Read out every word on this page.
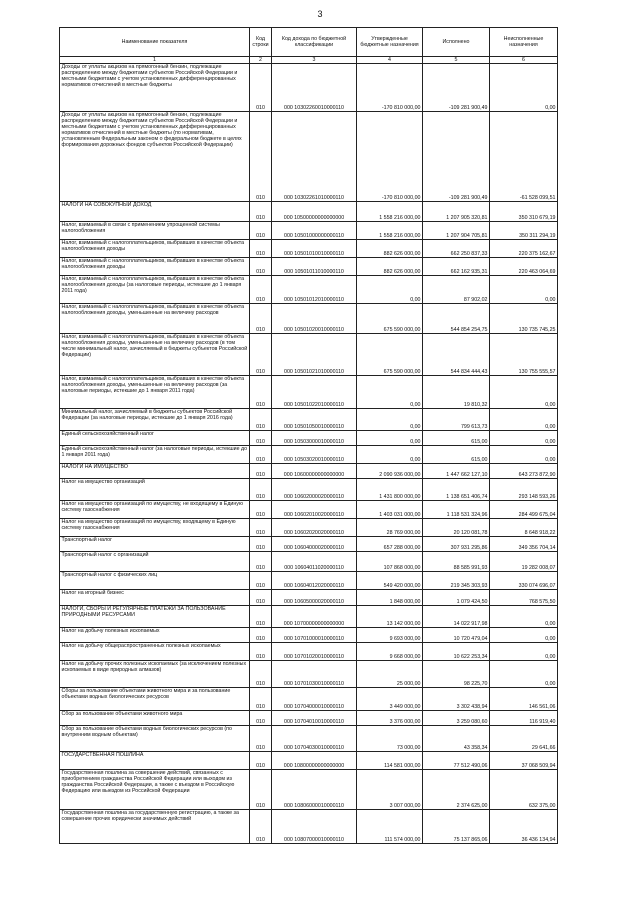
3
Наименование показателя	Код строки	Код дохода по бюджетной классификации	Утвержденные бюджетные назначения	Исполнено	Неисполненные назначения
1	2	3	4	5	6
Доходы от уплаты акцизов на прямогонный бензин, подлежащие распределению между бюджетами субъектов Российской Федерации и местными бюджетами с учетом установленных дифференцированных нормативов отчислений в местные бюджеты	010	000 10302260010000110	-170 810 000,00	-109 281 900,49	0,00
Доходы от уплаты акцизов на прямогонный бензин, подлежащие распределению между бюджетами субъектов Российской Федерации и местными бюджетами с учетом установленных дифференцированных нормативов отчислений в местные бюджеты (по нормативам, установленным Федеральным законом о федеральном бюджете в целях формирования дорожных фондов субъектов Российской Федерации)	010	000 10302261010000110	-170 810 000,00	-109 281 900,49	-61 528 099,51
НАЛОГИ НА СОВОКУПНЫЙ ДОХОД	010	000 10500000000000000	1 558 216 000,00	1 207 905 320,81	350 310 679,19
Налог, взимаемый в связи с применением упрощенной системы налогообложения	010	000 10501000000000110	1 558 216 000,00	1 207 904 705,81	350 311 294,19
Налог, взимаемый с налогоплательщиков, выбравших в качестве объекта налогообложения доходы	010	000 10501010010000110	882 626 000,00	662 250 837,33	220 375 162,67
Налог, взимаемый с налогоплательщиков, выбравших в качестве объекта налогообложения доходы	010	000 10501011010000110	882 626 000,00	662 162 935,31	220 463 064,69
Налог, взимаемый с налогоплательщиков, выбравших в качестве объекта налогообложения доходы (за налоговые периоды, истекшие до 1 января 2011 года)	010	000 10501012010000110	0,00	87 902,02	0,00
Налог, взимаемый с налогоплательщиков, выбравших в качестве объекта налогообложения доходы, уменьшенные на величину расходов	010	000 10501020010000110	675 590 000,00	544 854 254,75	130 735 745,25
Налог, взимаемый с налогоплательщиков, выбравших в качестве объекта налогообложения доходы, уменьшенные на величину расходов (в том числе минимальный налог, зачисляемый в бюджеты субъектов Российской Федерации)	010	000 10501021010000110	675 590 000,00	544 834 444,43	130 755 555,57
Налог, взимаемый с налогоплательщиков, выбравших в качестве объекта налогообложения доходы, уменьшенные на величину расходов (за налоговые периоды, истекшие до 1 января 2011 года)	010	000 10501022010000110	0,00	19 810,32	0,00
Минимальный налог, зачисляемый в бюджеты субъектов Российской Федерации (за налоговые периоды, истекшие до 1 января 2016 года)	010	000 10501050010000110	0,00	799 613,73	0,00
Единый сельскохозяйственный налог	010	000 10503000010000110	0,00	615,00	0,00
Единый сельскохозяйственный налог (за налоговые периоды, истекшие до 1 января 2011 года)	010	000 10503020010000110	0,00	615,00	0,00
НАЛОГИ НА ИМУЩЕСТВО	010	000 10600000000000000	2 090 936 000,00	1 447 662 127,10	643 273 872,90
Налог на имущество организаций	010	000 10602000020000110	1 431 800 000,00	1 138 651 406,74	293 148 593,26
Налог на имущество организаций по имуществу, не входящему в Единую систему газоснабжения	010	000 10602010020000110	1 403 031 000,00	1 118 531 324,96	284 499 675,04
Налог на имущество организаций по имуществу, входящему в Единую систему газоснабжения	010	000 10602020020000110	28 769 000,00	20 120 081,78	8 648 918,22
Транспортный налог	010	000 10604000020000110	657 288 000,00	307 931 295,86	349 356 704,14
Транспортный налог с организаций	010	000 10604011020000110	107 868 000,00	88 585 991,93	19 282 008,07
Транспортный налог с физических лиц	010	000 10604012020000110	549 420 000,00	219 345 303,93	330 074 696,07
Налог на игорный бизнес	010	000 10605000020000110	1 848 000,00	1 079 424,50	768 575,50
НАЛОГИ, СБОРЫ И РЕГУЛЯРНЫЕ ПЛАТЕЖИ ЗА ПОЛЬЗОВАНИЕ ПРИРОДНЫМИ РЕСУРСАМИ	010	000 10700000000000000	13 142 000,00	14 022 917,98	0,00
Налог на добычу полезных ископаемых	010	000 10701000010000110	9 693 000,00	10 720 479,04	0,00
Налог на добычу общераспространенных полезных ископаемых	010	000 10701020010000110	9 668 000,00	10 622 253,34	0,00
Налог на добычу прочих полезных ископаемых (за исключением полезных ископаемых в виде природных алмазов)	010	000 10701030010000110	25 000,00	98 225,70	0,00
Сборы за пользование объектами животного мира и за пользование объектами водных биологических ресурсов	010	000 10704000010000110	3 449 000,00	3 302 438,94	146 561,06
Сбор за пользование объектами животного мира	010	000 10704010010000110	3 376 000,00	3 259 080,60	116 919,40
Сбор за пользование объектами водных биологических ресурсов (по внутренним водным объектам)	010	000 10704030010000110	73 000,00	43 358,34	29 641,66
ГОСУДАРСТВЕННАЯ ПОШЛИНА	010	000 10800000000000000	114 581 000,00	77 512 490,06	37 068 509,94
Государственная пошлина за совершение действий, связанных с приобретением гражданства Российской Федерации или выходом из гражданства Российской Федерации, а также с въездом в Российскую Федерацию или выездом из Российской Федерации	010	000 10806000010000110	3 007 000,00	2 374 625,00	632 375,00
Государственная пошлина за государственную регистрацию, а также за совершение прочих юридически значимых действий	010	000 10807000010000110	111 574 000,00	75 137 865,06	36 436 134,94
